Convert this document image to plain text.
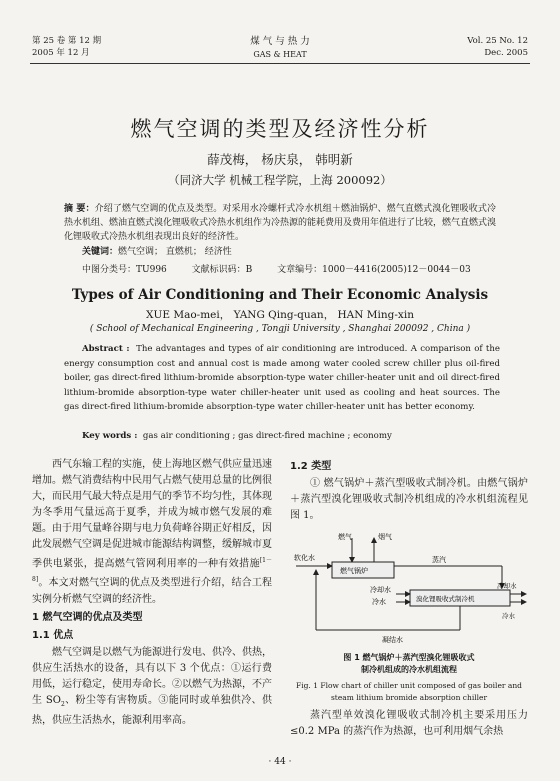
第 25 卷 第 12 期
2005 年 12 月
煤 气 与 热 力
GAS & HEAT
Vol. 25 No. 12
Dec. 2005
燃气空调的类型及经济性分析
薛茂梅， 杨庆泉， 韩明新
（同济大学 机械工程学院，上海 200092）
摘 要：介绍了燃气空调的优点及类型。对采用水冷螺杆式冷水机组＋燃油锅炉、燃气直燃式溴化锂吸收式冷热水机组、燃油直燃式溴化锂吸收式冷热水机组作为冷热源的能耗费用及费用年值进行了比较，燃气直燃式溴化锂吸收式冷热水机组表现出良好的经济性。
关键词：燃气空调； 直燃机； 经济性
中图分类号：TU996	文献标识码：B	文章编号：1000－4416(2005)12－0044－03
Types of Air Conditioning and Their Economic Analysis
XUE Mao-mei， YANG Qing-quan， HAN Ming-xin
( School of Mechanical Engineering , Tongji University , Shanghai 200092 , China )
Abstract : The advantages and types of air conditioning are introduced. A comparison of the energy consumption cost and annual cost is made among water cooled screw chiller plus oil-fired boiler, gas direct-fired lithium-bromide absorption-type water chiller-heater unit and oil direct-fired lithium-bromide absorption-type water chiller-heater unit used as cooling and heat sources. The gas direct-fired lithium-bromide absorption-type water chiller-heater unit has better economy.
Key words : gas air conditioning ; gas direct-fired machine ; economy

西气东输工程的实施，使上海地区燃气供应量迅速增加。燃气消费结构中民用气占燃气使用总量的比例很大，而民用气最大特点是用气的季节不均匀性，其体现为冬季用气量远高于夏季，并成为城市燃气发展的难题。由于用气量峰谷期与电力负荷峰谷期正好相反，因此发展燃气空调是促进城市能源结构调整，缓解城市夏季供电紧张，提高燃气管网利用率的一种有效措施[1－8]。本文对燃气空调的优点及类型进行介绍，结合工程实例分析燃气空调的经济性。

1 燃气空调的优点及类型
1.1 优点

燃气空调是以燃气为能源进行发电、供冷、供热，供应生活热水的设备，具有以下 3 个优点：①运行费用低，运行稳定，使用寿命长。②以燃气为热源，不产生 $SO_2$、粉尘等有害物质。③能同时或单独供冷、供热，供应生活热水，能源利用率高。

1.2 类型

① 燃气锅炉＋蒸汽型吸收式制冷机。由燃气锅炉＋蒸汽型溴化锂吸收式制冷机组成的冷水机组流程见图 1。

燃气	烟气
软化水
燃气锅炉
蒸汽
溴化锂吸收式制冷机
冷却水
冷水
冷却水
冷水
凝结水
图 1 燃气锅炉＋蒸汽型溴化锂吸收式
制冷机组成的冷水机组流程
Fig. 1 Flow chart of chiller unit composed of gas boiler and
steam lithium bromide absorption chiller

蒸汽型单效溴化锂吸收式制冷机主要采用压力≤0.2 MPa 的蒸汽作为热源，也可利用烟气余热

· 44 ·
